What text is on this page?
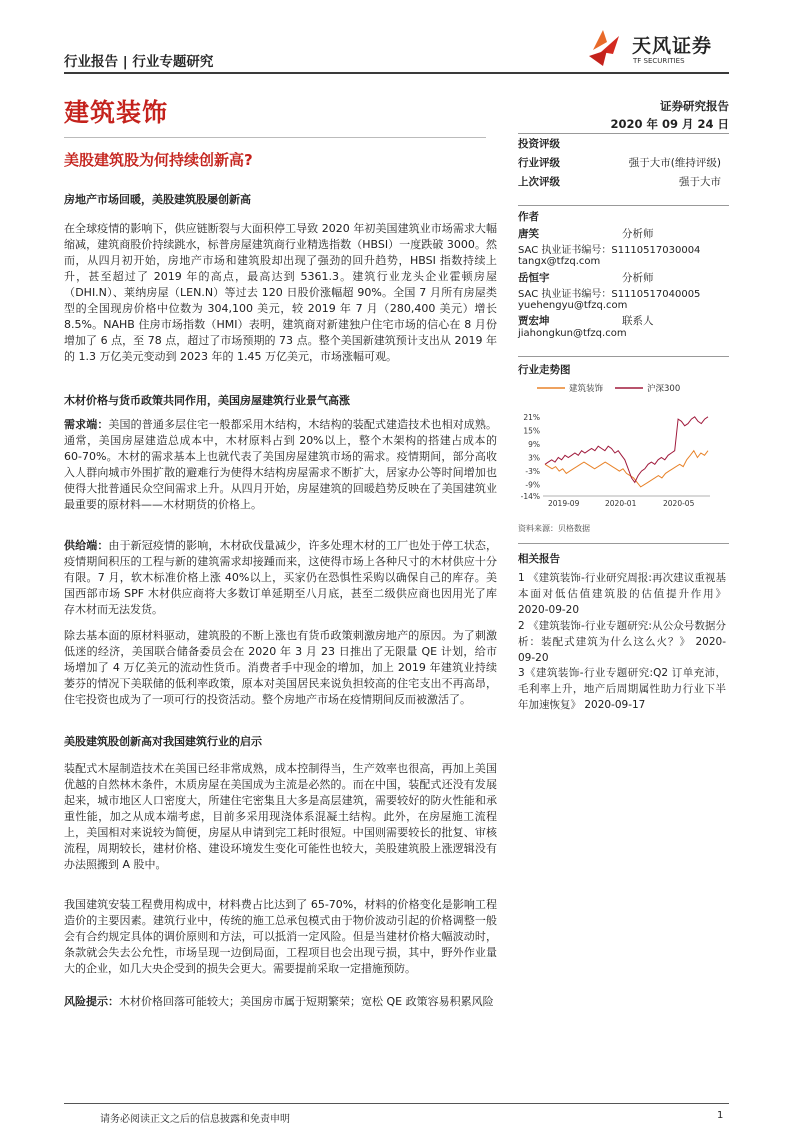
行业报告 | 行业专题研究
天风证券
TF SECURITIES
建筑装饰	证券研究报告
2020 年 09 月 24 日
美股建筑股为何持续创新高?
房地产市场回暖，美股建筑股屡创新高

在全球疫情的影响下，供应链断裂与大面积停工导致 2020 年初美国建筑业市场需求大幅缩减，建筑商股价持续跳水，标普房屋建筑商行业精选指数（HBSI）一度跌破 3000。然而，从四月初开始，房地产市场和建筑股却出现了强劲的回升趋势，HBSI 指数持续上升，甚至超过了 2019 年的高点，最高达到 5361.3。建筑行业龙头企业霍顿房屋（DHI.N）、莱纳房屋（LEN.N）等过去 120 日股价涨幅超 90%。全国 7 月所有房屋类型的全国现房价格中位数为 304,100 美元，较 2019 年 7 月（280,400 美元）增长 8.5%。NAHB 住房市场指数（HMI）表明，建筑商对新建独户住宅市场的信心在 8 月份增加了 6 点，至 78 点，超过了市场预期的 73 点。整个美国新建筑预计支出从 2019 年的 1.3 万亿美元变动到 2023 年的 1.45 万亿美元，市场涨幅可观。

木材价格与货币政策共同作用，美国房屋建筑行业景气高涨

需求端：美国的普通多层住宅一般都采用木结构，木结构的装配式建造技术也相对成熟。通常，美国房屋建造总成本中，木材原料占到 20%以上，整个木架构的搭建占成本的 60-70%。木材的需求基本上也就代表了美国房屋建筑市场的需求。疫情期间，部分高收入人群向城市外围扩散的避难行为使得木结构房屋需求不断扩大，居家办公等时间增加也使得大批普通民众空间需求上升。从四月开始，房屋建筑的回暖趋势反映在了美国建筑业最重要的原材料——木材期货的价格上。

供给端：由于新冠疫情的影响，木材砍伐量减少，许多处理木材的工厂也处于停工状态，疫情期间积压的工程与新的建筑需求却接踵而来，这使得市场上各种尺寸的木材供应十分有限。7 月，软木标准价格上涨 40%以上，买家仍在恐惧性采购以确保自己的库存。美国西部市场 SPF 木材供应商将大多数订单延期至八月底，甚至二级供应商也因用光了库存木材而无法发货。

除去基本面的原材料驱动，建筑股的不断上涨也有货币政策刺激房地产的原因。为了刺激低迷的经济，美国联合储备委员会在 2020 年 3 月 23 日推出了无限量 QE 计划，给市场增加了 4 万亿美元的流动性货币。消费者手中现金的增加，加上 2019 年建筑业持续萎芬的情况下美联储的低利率政策，原本对美国居民来说负担较高的住宅支出不再高昂，住宅投资也成为了一项可行的投资活动。整个房地产市场在疫情期间反而被激活了。

美股建筑股创新高对我国建筑行业的启示

装配式木屋制造技术在美国已经非常成熟，成本控制得当，生产效率也很高，再加上美国优越的自然林木条件，木质房屋在美国成为主流是必然的。而在中国，装配式还没有发展起来，城市地区人口密度大，所建住宅密集且大多是高层建筑，需要较好的防火性能和承重性能，加之从成本端考虑，目前多采用现浇体系混凝土结构。此外，在房屋施工流程上，美国相对来说较为简便，房屋从申请到完工耗时很短。中国则需要较长的批复、审核流程，周期较长，建材价格、建设环境发生变化可能性也较大，美股建筑股上涨逻辑没有办法照搬到 A 股中。

我国建筑安装工程费用构成中，材料费占比达到了 65-70%，材料的价格变化是影响工程造价的主要因素。建筑行业中，传统的施工总承包模式由于物价波动引起的价格调整一般会有合约规定具体的调价原则和方法，可以抵消一定风险。但是当建材价格大幅波动时，条款就会失去公允性，市场呈现一边倒局面，工程项目也会出现亏损，其中，野外作业量大的企业，如几大央企受到的损失会更大。需要提前采取一定措施预防。

风险提示：木材价格回落可能较大；美国房市属于短期繁荣；宽松 QE 政策容易积累风险

投资评级
行业评级	强于大市(维持评级)
上次评级	强于大市
作者
唐笑	分析师
SAC 执业证书编号：S1110517030004
tangx@tfzq.com
岳恒宇	分析师
SAC 执业证书编号：S1110517040005
yuehengyu@tfzq.com
贾宏坤	联系人
jiahongkun@tfzq.com
行业走势图
建筑装饰	沪深300
21%
15%
9%
3%
-3%
-9%
-14%
2019-09	2020-01	2020-05
资料来源：贝格数据
相关报告
1 《建筑装饰-行业研究周报:再次建议重视基本面对低估值建筑股的估值提升作用》 2020-09-20
2 《建筑装饰-行业专题研究:从公众号数据分析：装配式建筑为什么这么火？》 2020-09-20
3《建筑装饰-行业专题研究:Q2 订单充沛，毛利率上升，地产后周期属性助力行业下半年加速恢复》 2020-09-17
请务必阅读正文之后的信息披露和免责申明	1
